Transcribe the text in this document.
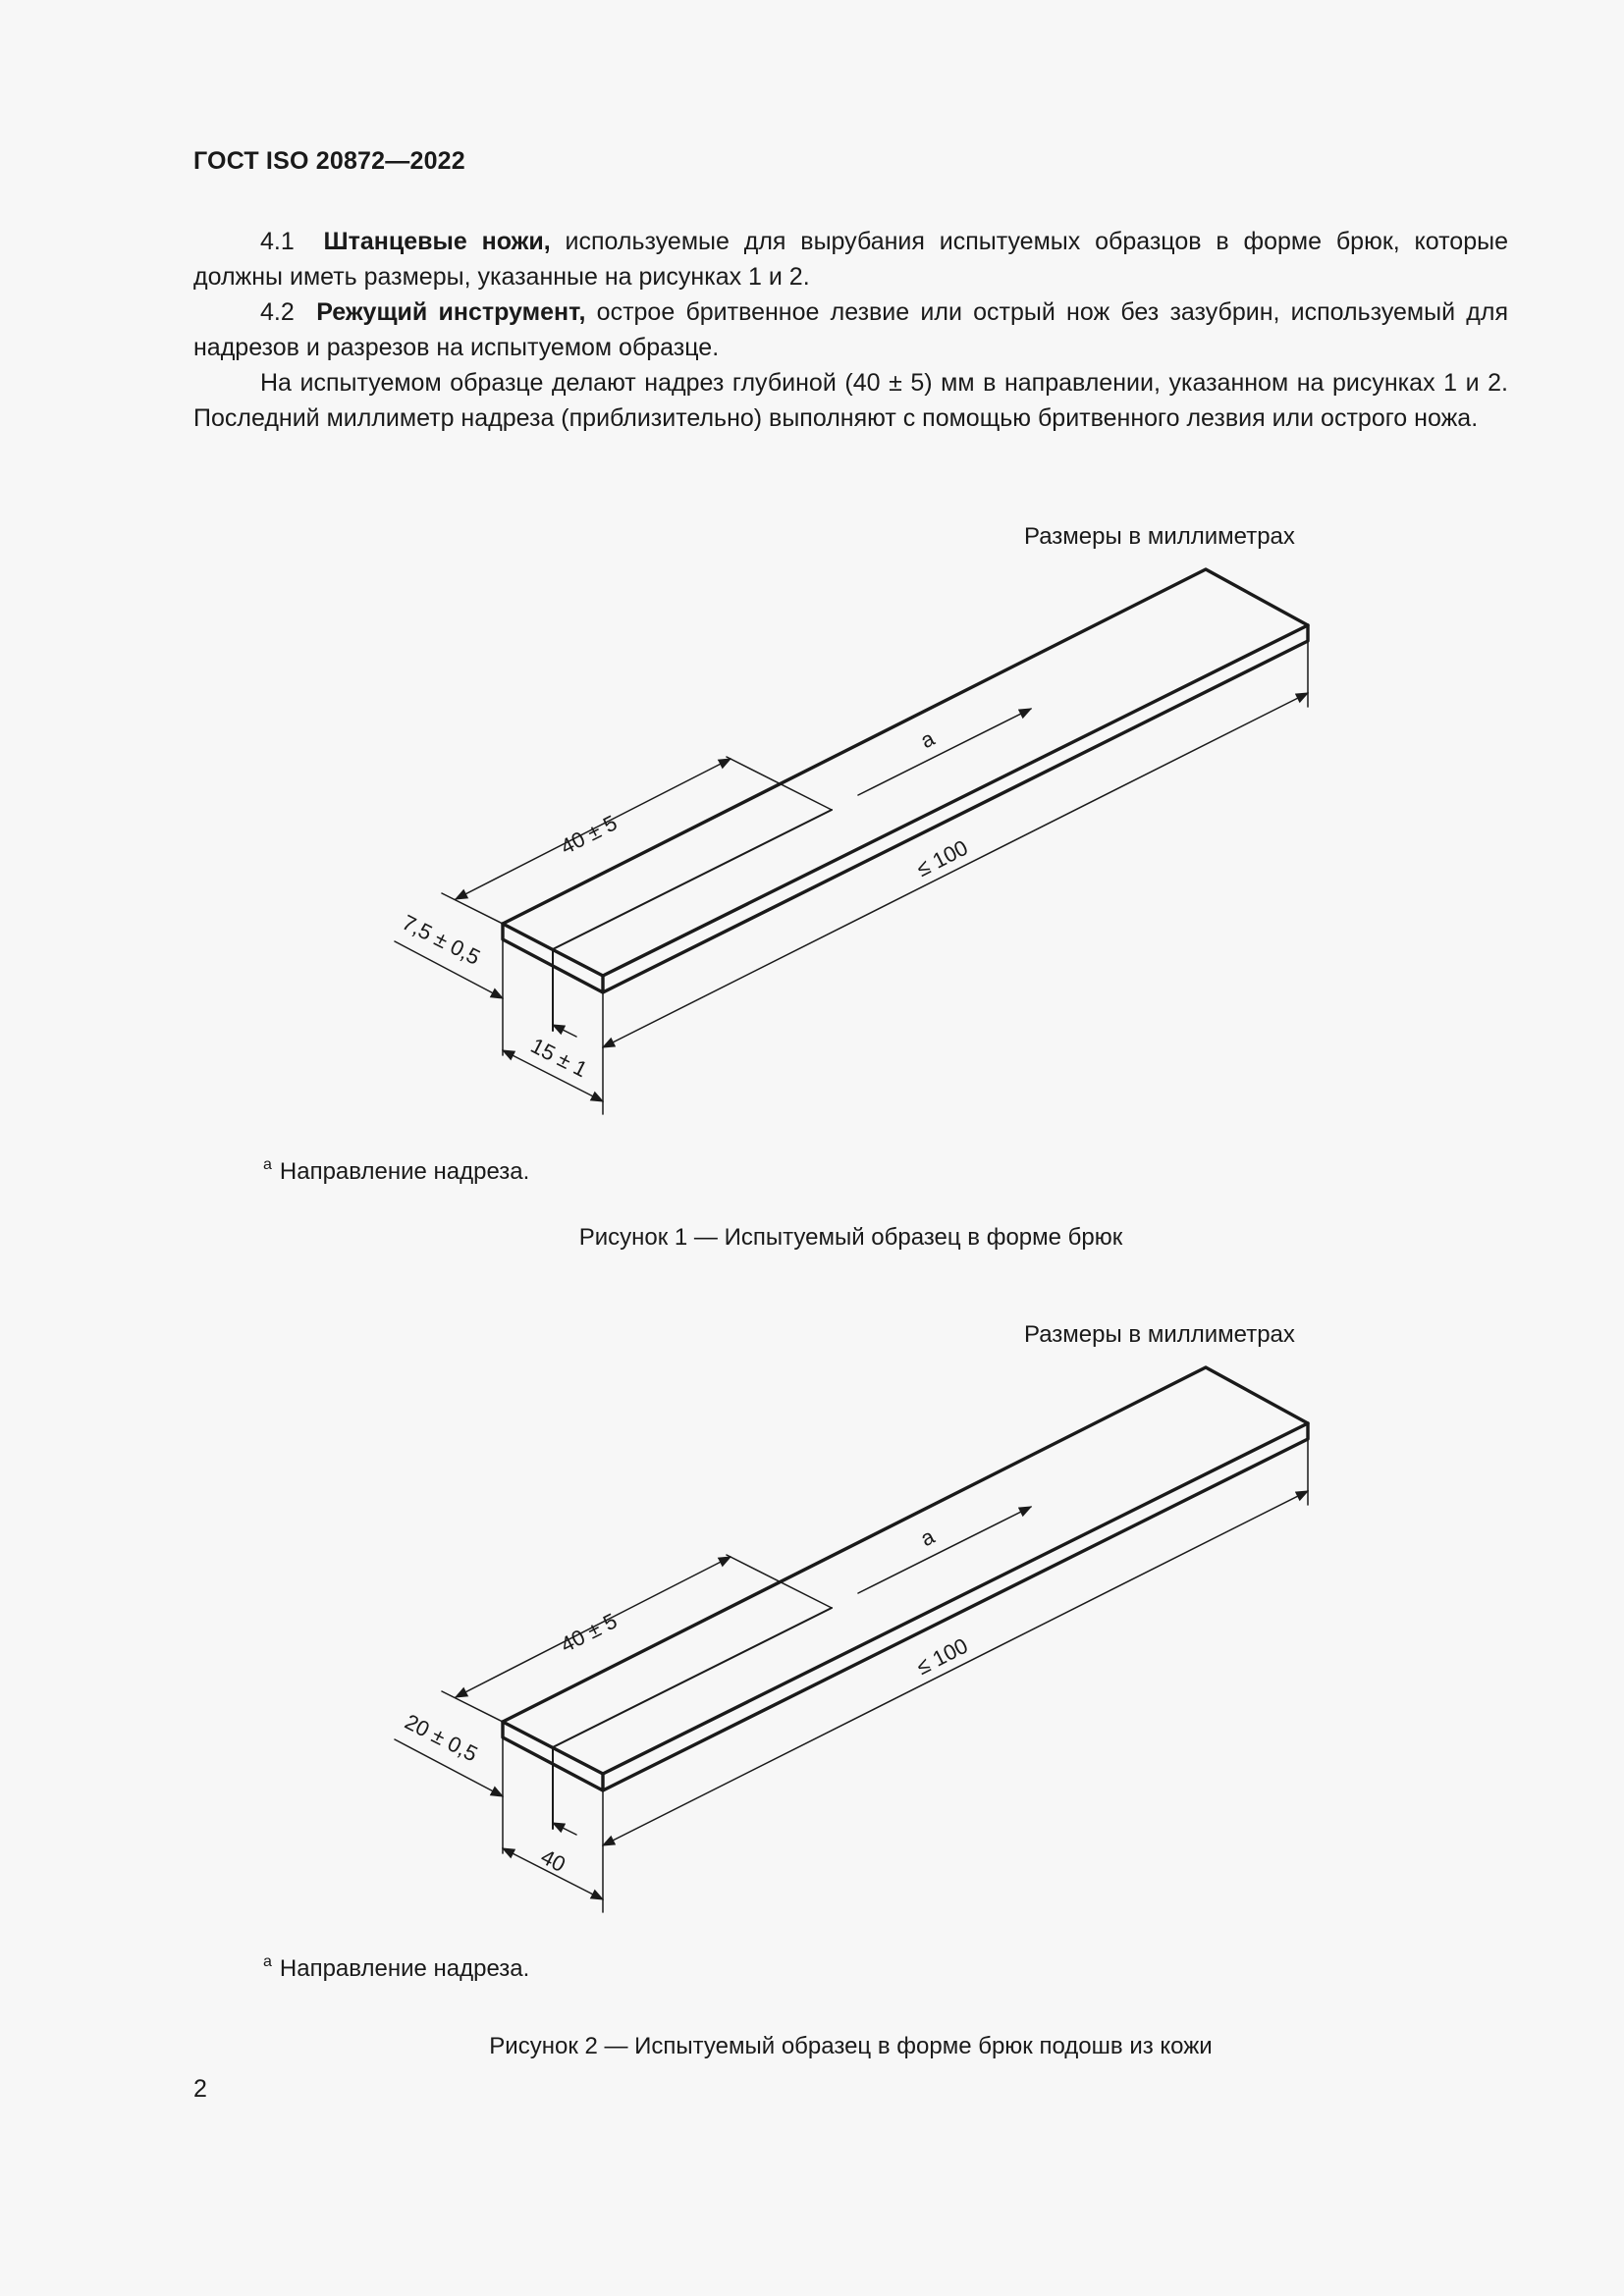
ГОСТ ISO 20872—2022

4.1 Штанцевые ножи, используемые для вырубания испытуемых образцов в форме брюк, которые должны иметь размеры, указанные на рисунках 1 и 2.

4.2 Режущий инструмент, острое бритвенное лезвие или острый нож без зазубрин, используемый для надрезов и разрезов на испытуемом образце.

На испытуемом образце делают надрез глубиной (40 ± 5) мм в направлении, указанном на рисунках 1 и 2. Последний миллиметр надреза (приблизительно) выполняют с помощью бритвенного лезвия или острого ножа.

Размеры в миллиметрах
40 ± 5
a
≤ 100
7,5 ± 0,5
15 ± 1
$^a$ Направление надреза.
Рисунок 1 — Испытуемый образец в форме брюк
Размеры в миллиметрах
40 ± 5
a
≤ 100
20 ± 0,5
40
$^a$ Направление надреза.
Рисунок 2 — Испытуемый образец в форме брюк подошв из кожи
2
